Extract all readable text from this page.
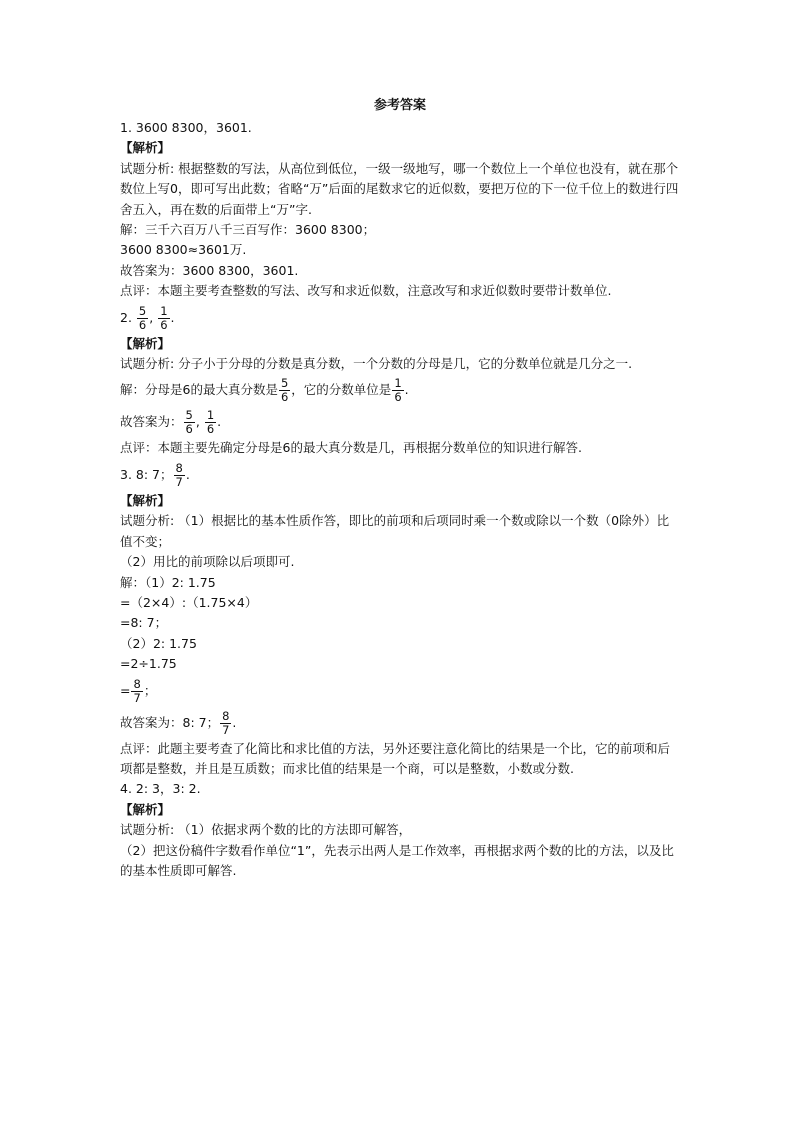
参考答案
1. 3600 8300，3601.
【解析】
试题分析: 根据整数的写法，从高位到低位，一级一级地写，哪一个数位上一个单位也没有，就在那个数位上写0，即可写出此数；省略“万”后面的尾数求它的近似数，要把万位的下一位千位上的数进行四舍五入，再在数的后面带上“万”字.
解：三千六百万八千三百写作：3600 8300；
3600 8300≈3601万.
故答案为：3600 8300，3601.
点评：本题主要考查整数的写法、改写和求近似数，注意改写和求近似数时要带计数单位.
2. $\frac{5}{6}$ , $\frac{1}{6}$ .
【解析】
试题分析: 分子小于分母的分数是真分数，一个分数的分母是几，它的分数单位就是几分之一.
解：分母是6的最大真分数是 $\frac{5}{6}$ ，它的分数单位是 $\frac{1}{6}$ .
故答案为： $\frac{5}{6}$ , $\frac{1}{6}$ .
点评：本题主要先确定分母是6的最大真分数是几，再根据分数单位的知识进行解答.
3. 8: 7； $\frac{8}{7}$ .
【解析】
试题分析: （1）根据比的基本性质作答，即比的前项和后项同时乘一个数或除以一个数（0除外）比值不变；
（2）用比的前项除以后项即可.
解：（1）2: 1.75
=（2×4）:（1.75×4）
=8: 7；
（2）2: 1.75
=2÷1.75
= $\frac{8}{7}$ ；
故答案为：8: 7； $\frac{8}{7}$ .
点评：此题主要考查了化简比和求比值的方法，另外还要注意化简比的结果是一个比，它的前项和后项都是整数，并且是互质数；而求比值的结果是一个商，可以是整数，小数或分数.
4. 2: 3，3: 2.
【解析】
试题分析: （1）依据求两个数的比的方法即可解答，
（2）把这份稿件字数看作单位“1”，先表示出两人是工作效率，再根据求两个数的比的方法，以及比的基本性质即可解答.
